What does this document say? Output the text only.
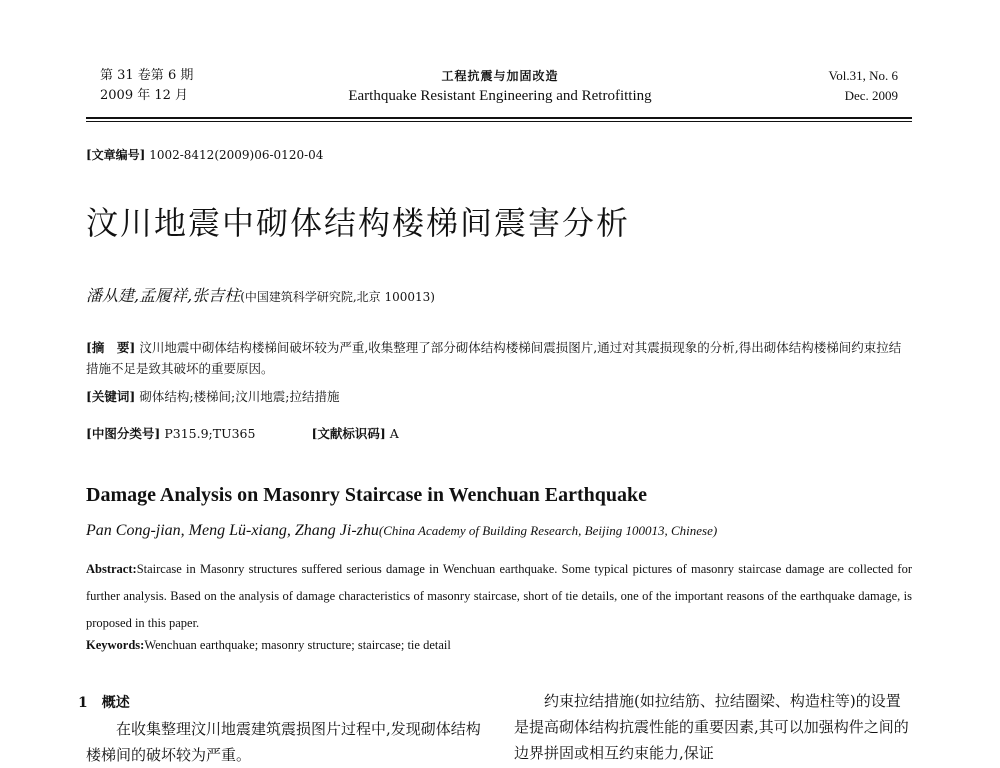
第 31 卷第 6 期
2009 年 12 月
工程抗震与加固改造
Earthquake Resistant Engineering and Retrofitting
Vol.31, No. 6
Dec. 2009
[文章编号] 1002-8412(2009)06-0120-04
汶川地震中砌体结构楼梯间震害分析
潘从建,孟履祥,张吉柱(中国建筑科学研究院,北京 100013)
[摘　要] 汶川地震中砌体结构楼梯间破坏较为严重,收集整理了部分砌体结构楼梯间震损图片,通过对其震损现象的分析,得出砌体结构楼梯间约束拉结措施不足是致其破坏的重要原因。
[关键词] 砌体结构;楼梯间;汶川地震;拉结措施
[中图分类号] P315.9;TU365	[文献标识码] A
Damage Analysis on Masonry Staircase in Wenchuan Earthquake
Pan Cong-jian, Meng Lü-xiang, Zhang Ji-zhu(China Academy of Building Research, Beijing 100013, Chinese)
Abstract:Staircase in Masonry structures suffered serious damage in Wenchuan earthquake. Some typical pictures of masonry staircase damage are collected for further analysis. Based on the analysis of damage characteristics of masonry staircase, short of tie details, one of the important reasons of the earthquake damage, is proposed in this paper.
Keywords:Wenchuan earthquake; masonry structure; staircase; tie detail
1　概述
在收集整理汶川地震建筑震损图片过程中,发现砌体结构楼梯间的破坏较为严重。
约束拉结措施(如拉结筋、拉结圈梁、构造柱等)的设置是提高砌体结构抗震性能的重要因素,其可以加强构件之间的边界拼固或相互约束能力,保证
